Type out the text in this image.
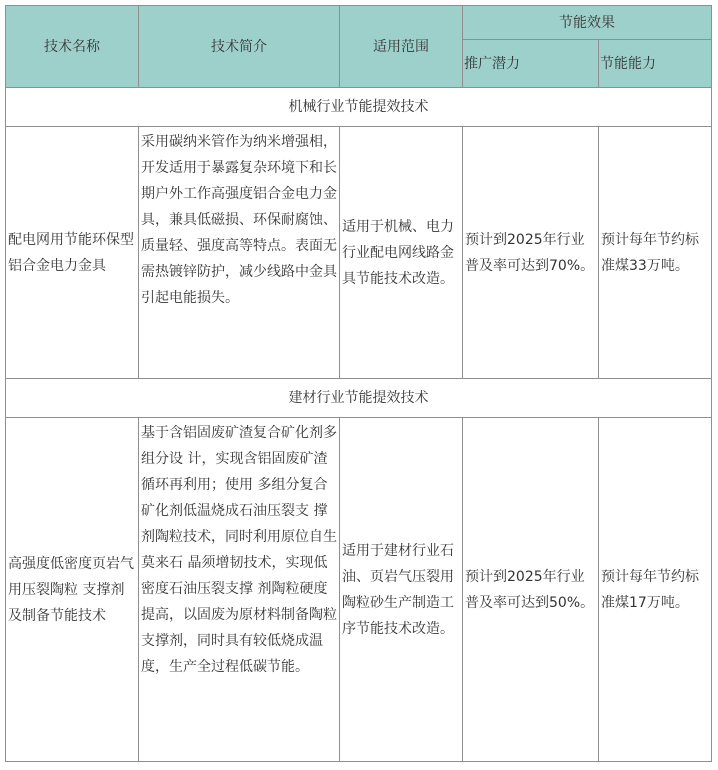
技术名称	技术简介	适用范围	节能效果	
			推广潜力	节能能力
机械行业节能提效技术				
配电网用节能环保型铝合金电力金具	采用碳纳米管作为纳米增强相，开发适用于暴露复杂环境下和长期户外工作高强度铝合金电力金具，兼具低磁损、环保耐腐蚀、质量轻、强度高等特点。表面无需热镀锌防护，减少线路中金具引起电能损失。	适用于机械、电力行业配电网线路金具节能技术改造。	预计到2025年行业普及率可达到70%。	预计每年节约标准煤33万吨。
建材行业节能提效技术				
高强度低密度页岩气用压裂陶粒 支撑剂及制备节能技术	基于含铝固废矿渣复合矿化剂多组分设 计，实现含铝固废矿渣循环再利用；使用 多组分复合矿化剂低温烧成石油压裂支 撑剂陶粒技术，同时利用原位自生莫来石 晶须增韧技术，实现低密度石油压裂支撑 剂陶粒硬度提高，以固废为原材料制备陶粒支撑剂，同时具有较低烧成温度，生产全过程低碳节能。	适用于建材行业石油、页岩气压裂用陶粒砂生产制造工序节能技术改造。	预计到2025年行业普及率可达到50%。	预计每年节约标准煤17万吨。
